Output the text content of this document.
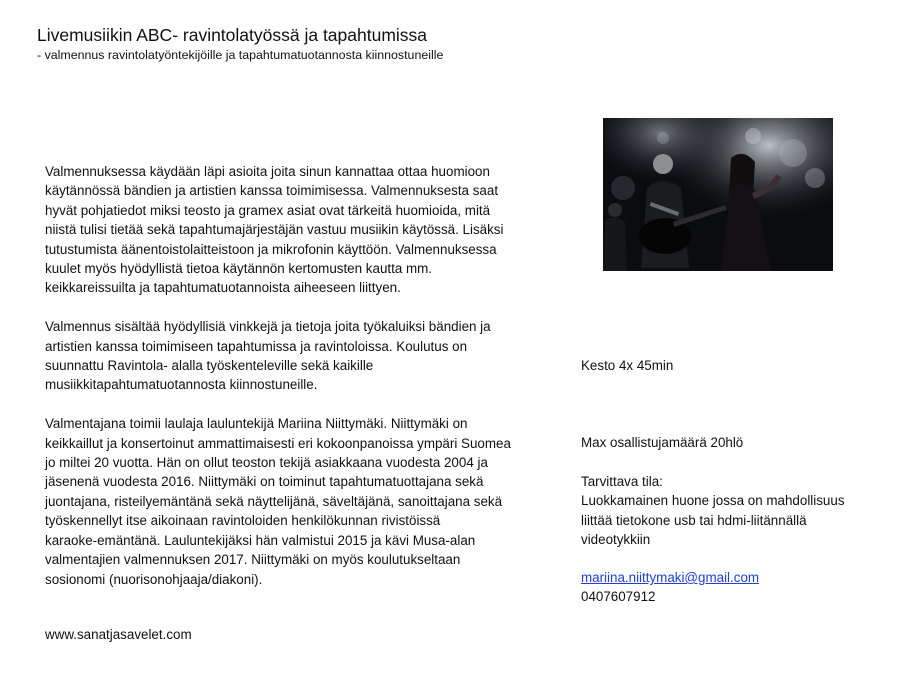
Livemusiikin ABC- ravintolatyössä ja tapahtumissa
- valmennus ravintolatyöntekijöille ja tapahtumatuotannosta kiinnostuneille

Valmennuksessa käydään läpi asioita joita sinun kannattaa ottaa huomioon
käytännössä bändien ja artistien kanssa toimimisessa. Valmennuksesta saat
hyvät pohjatiedot miksi teosto ja gramex asiat ovat tärkeitä huomioida, mitä
niistä tulisi tietää sekä tapahtumajärjestäjän vastuu musiikin käytössä. Lisäksi
tutustumista äänentoistolaitteistoon ja mikrofonin käyttöön. Valmennuksessa
kuulet myös hyödyllistä tietoa käytännön kertomusten kautta mm.
keikkareissuilta ja tapahtumatuotannoista aiheeseen liittyen.

Valmennus sisältää hyödyllisiä vinkkejä ja tietoja joita työkaluiksi bändien ja
artistien kanssa toimimiseen tapahtumissa ja ravintoloissa. Koulutus on
suunnattu Ravintola- alalla työskenteleville sekä kaikille
musiikkitapahtumatuotannosta kiinnostuneille.

Valmentajana toimii laulaja lauluntekijä Mariina Niittymäki. Niittymäki on
keikkaillut ja konsertoinut ammattimaisesti eri kokoonpanoissa ympäri Suomea
jo miltei 20 vuotta. Hän on ollut teoston tekijä asiakkaana vuodesta 2004 ja
jäsenenä vuodesta 2016. Niittymäki on toiminut tapahtumatuottajana sekä
juontajana, risteilyemäntänä sekä näyttelijänä, säveltäjänä, sanoittajana sekä
työskennellyt itse aikoinaan ravintoloiden henkilökunnan rivistöissä
karaoke-emäntänä. Lauluntekijäksi hän valmistui 2015 ja kävi Musa-alan
valmentajien valmennuksen 2017. Niittymäki on myös koulutukseltaan
sosionomi (nuorisonohjaaja/diakoni).

Kesto 4x 45min
Max osallistujamäärä 20hlö
Tarvittava tila:
Luokkamainen huone jossa on mahdollisuus
liittää tietokone usb tai hdmi-liitännällä
videotykkiin
mariina.niittymaki@gmail.com
0407607912
www.sanatjasavelet.com
